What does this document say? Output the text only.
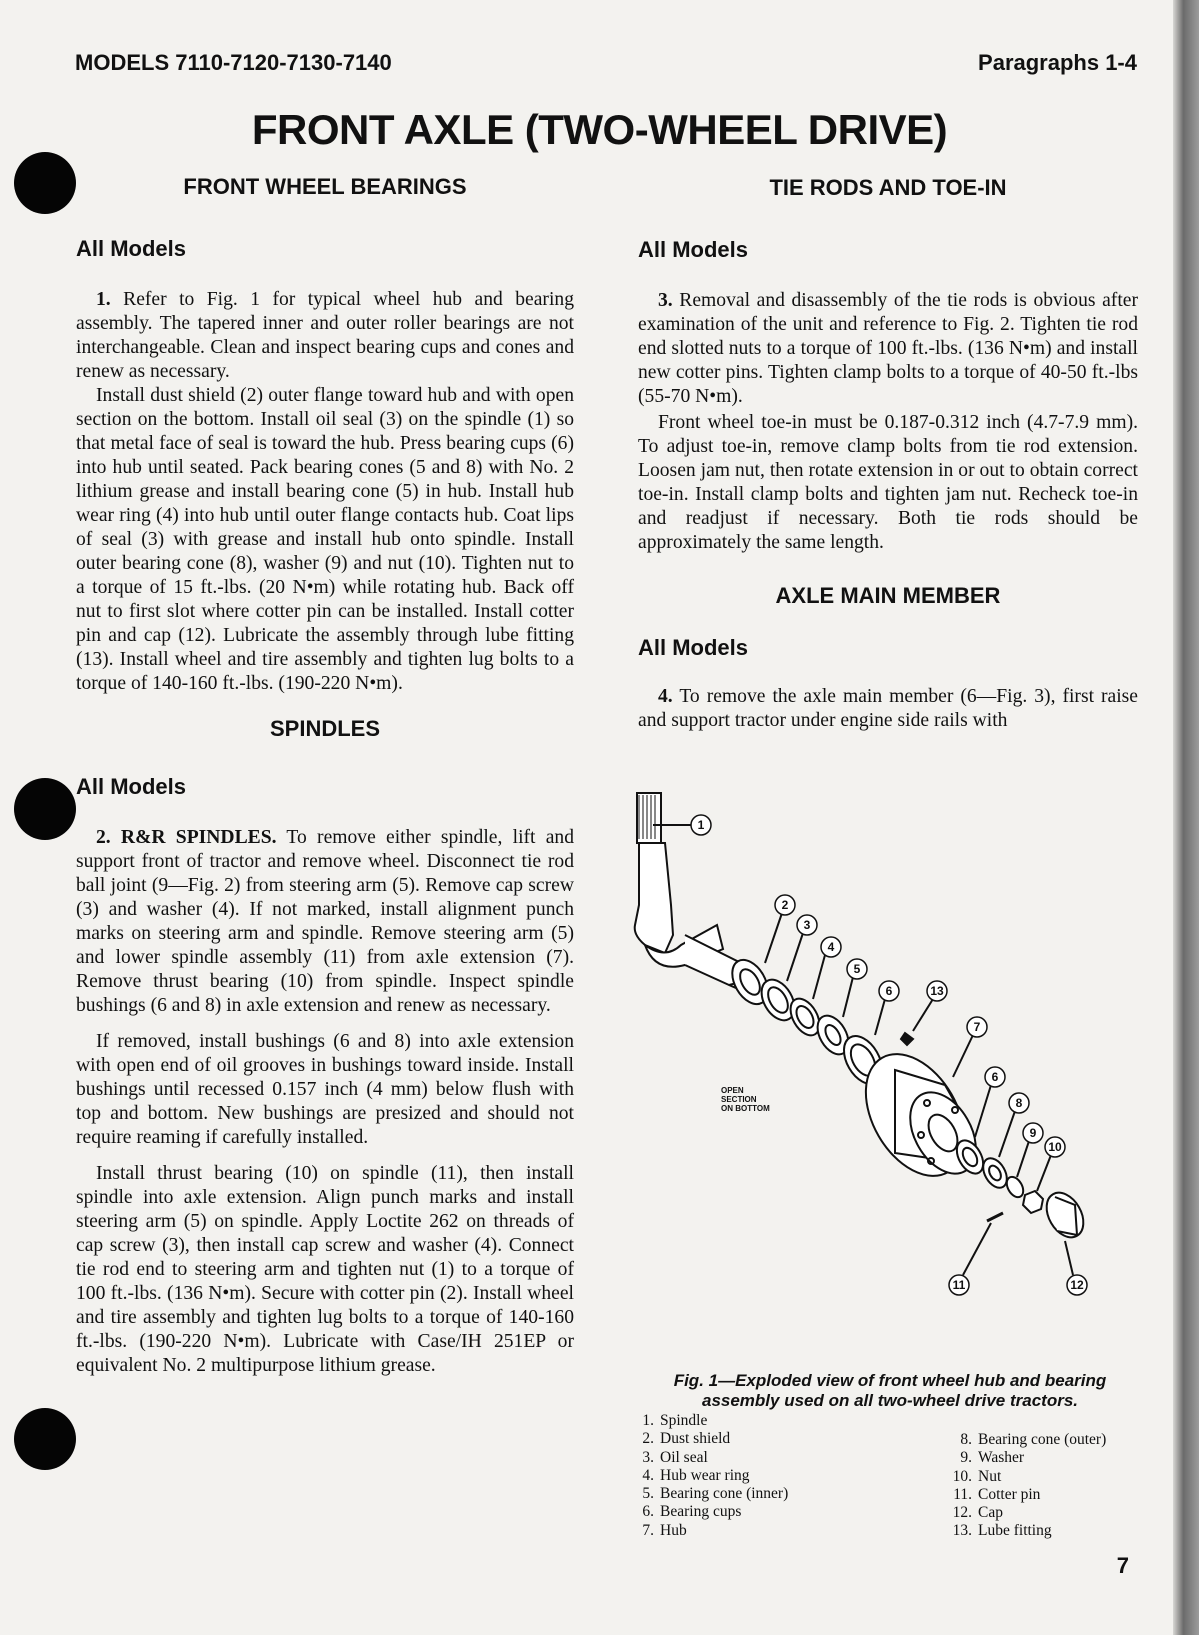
MODELS 7110-7120-7130-7140	Paragraphs 1-4
FRONT AXLE (TWO-WHEEL DRIVE)
FRONT WHEEL BEARINGS
All Models

1. Refer to Fig. 1 for typical wheel hub and bearing assembly. The tapered inner and outer roller bearings are not interchangeable. Clean and inspect bearing cups and cones and renew as necessary.

Install dust shield (2) outer flange toward hub and with open section on the bottom. Install oil seal (3) on the spindle (1) so that metal face of seal is toward the hub. Press bearing cups (6) into hub until seated. Pack bearing cones (5 and 8) with No. 2 lithium grease and install bearing cone (5) in hub. Install hub wear ring (4) into hub until outer flange contacts hub. Coat lips of seal (3) with grease and install hub onto spindle. Install outer bearing cone (8), washer (9) and nut (10). Tighten nut to a torque of 15 ft.-lbs. (20 N•m) while rotating hub. Back off nut to first slot where cotter pin can be installed. Install cotter pin and cap (12). Lubricate the assembly through lube fitting (13). Install wheel and tire assembly and tighten lug bolts to a torque of 140-160 ft.-lbs. (190-220 N•m).

SPINDLES
All Models

2. R&R SPINDLES. To remove either spindle, lift and support front of tractor and remove wheel. Disconnect tie rod ball joint (9—Fig. 2) from steering arm (5). Remove cap screw (3) and washer (4). If not marked, install alignment punch marks on steering arm and spindle. Remove steering arm (5) and lower spindle assembly (11) from axle extension (7). Remove thrust bearing (10) from spindle. Inspect spindle bushings (6 and 8) in axle extension and renew as necessary.

If removed, install bushings (6 and 8) into axle extension with open end of oil grooves in bushings toward inside. Install bushings until recessed 0.157 inch (4 mm) below flush with top and bottom. New bushings are presized and should not require reaming if carefully installed.

Install thrust bearing (10) on spindle (11), then install spindle into axle extension. Align punch marks and install steering arm (5) on spindle. Apply Loctite 262 on threads of cap screw (3), then install cap screw and washer (4). Connect tie rod end to steering arm and tighten nut (1) to a torque of 100 ft.-lbs. (136 N•m). Secure with cotter pin (2). Install wheel and tire assembly and tighten lug bolts to a torque of 140-160 ft.-lbs. (190-220 N•m). Lubricate with Case/IH 251EP or equivalent No. 2 multipurpose lithium grease.

TIE RODS AND TOE-IN
All Models

3. Removal and disassembly of the tie rods is obvious after examination of the unit and reference to Fig. 2. Tighten tie rod end slotted nuts to a torque of 100 ft.-lbs. (136 N•m) and install new cotter pins. Tighten clamp bolts to a torque of 40-50 ft.-lbs (55-70 N•m).

Front wheel toe-in must be 0.187-0.312 inch (4.7-7.9 mm). To adjust toe-in, remove clamp bolts from tie rod extension. Loosen jam nut, then rotate extension in or out to obtain correct toe-in. Install clamp bolts and tighten jam nut. Recheck toe-in and readjust if necessary. Both tie rods should be approximately the same length.

AXLE MAIN MEMBER
All Models

4. To remove the axle main member (6—Fig. 3), first raise and support tractor under engine side rails with

1
2
3
4
5
6	13
7
6
8
9
10
11	12
OPEN
SECTION
ON BOTTOM
Fig. 1—Exploded view of front wheel hub and bearing assembly used on all two-wheel drive tractors.
1. Spindle
2. Dust shield
3. Oil seal
4. Hub wear ring
5. Bearing cone (inner)
6. Bearing cups
7. Hub
8. Bearing cone (outer)
9. Washer
10. Nut
11. Cotter pin
12. Cap
13. Lube fitting
7
